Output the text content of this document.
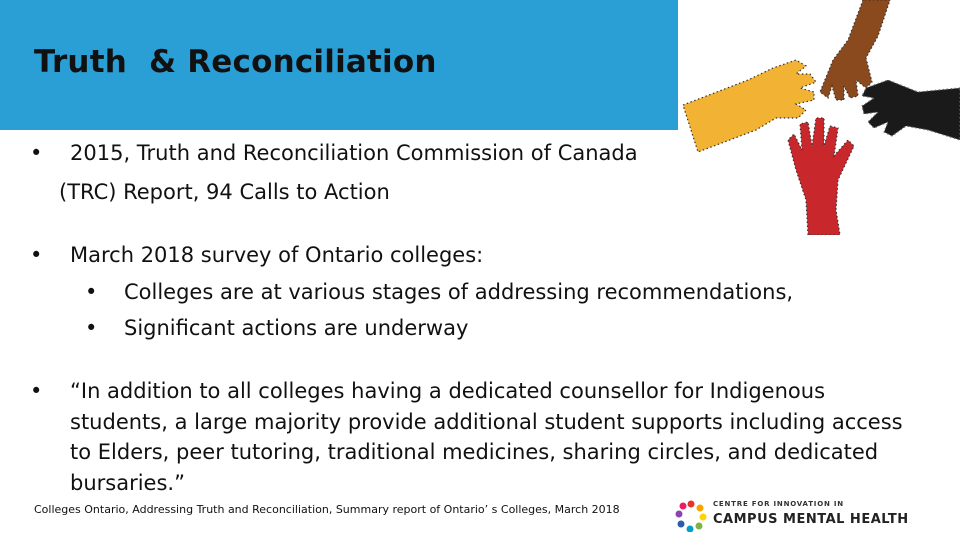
Truth  & Reconciliation
• 2015, Truth and Reconciliation Commission of Canada
(TRC) Report, 94 Calls to Action
• March 2018 survey of Ontario colleges:
• Colleges are at various stages of addressing recommendations,
• Significant actions are underway
• “In addition to all colleges having a dedicated counsellor for Indigenous students, a large majority provide additional student supports including access to Elders, peer tutoring, traditional medicines, sharing circles, and dedicated bursaries.”
Colleges Ontario, Addressing Truth and Reconciliation, Summary report of Ontario’ s Colleges, March 2018	CENTRE FOR INNOVATION IN
CAMPUS MENTAL HEALTH
